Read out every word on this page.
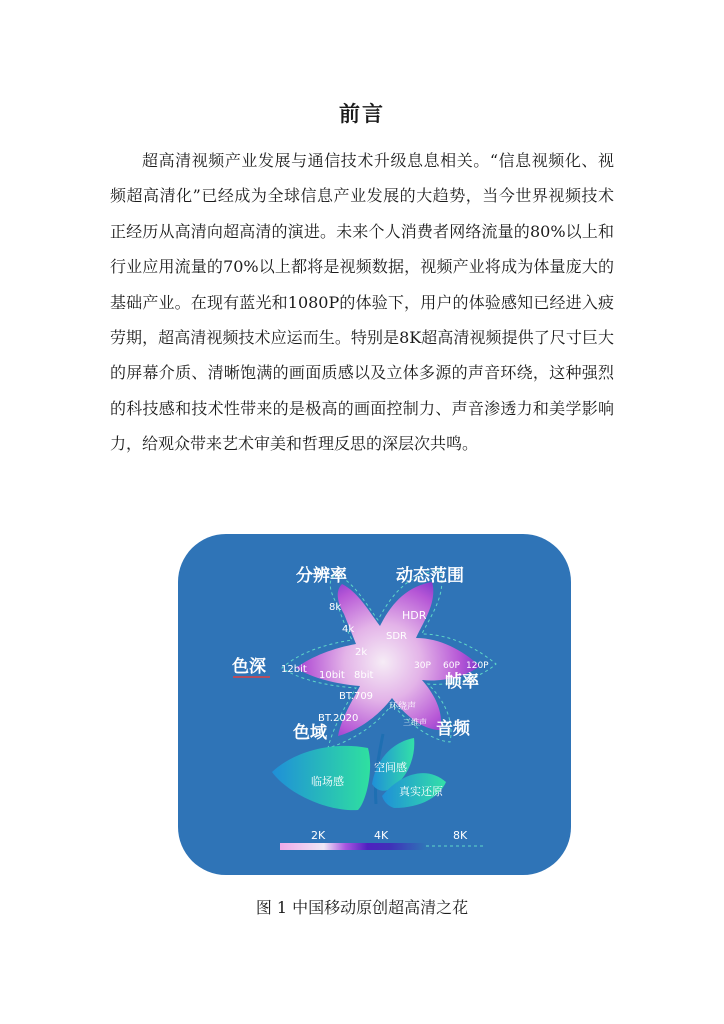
前言

超高清视频产业发展与通信技术升级息息相关。“信息视频化、视频超高清化”已经成为全球信息产业发展的大趋势，当今世界视频技术正经历从高清向超高清的演进。未来个人消费者网络流量的80%以上和行业应用流量的70%以上都将是视频数据，视频产业将成为体量庞大的基础产业。在现有蓝光和1080P的体验下，用户的体验感知已经进入疲劳期，超高清视频技术应运而生。特别是8K超高清视频提供了尺寸巨大的屏幕介质、清晰饱满的画面质感以及立体多源的声音环绕，这种强烈的科技感和技术性带来的是极高的画面控制力、声音渗透力和美学影响力，给观众带来艺术审美和哲理反思的深层次共鸣。

分辨率	动态范围
色深
帧率
色域	音频
8k
4k
2k
HDR
SDR
12bit
10bit 8bit
30P 60P 120P
BT.709
BT.2020
环绕声
三维声
临场感
空间感
真实还原
2K	4K	8K
图 1 中国移动原创超高清之花
